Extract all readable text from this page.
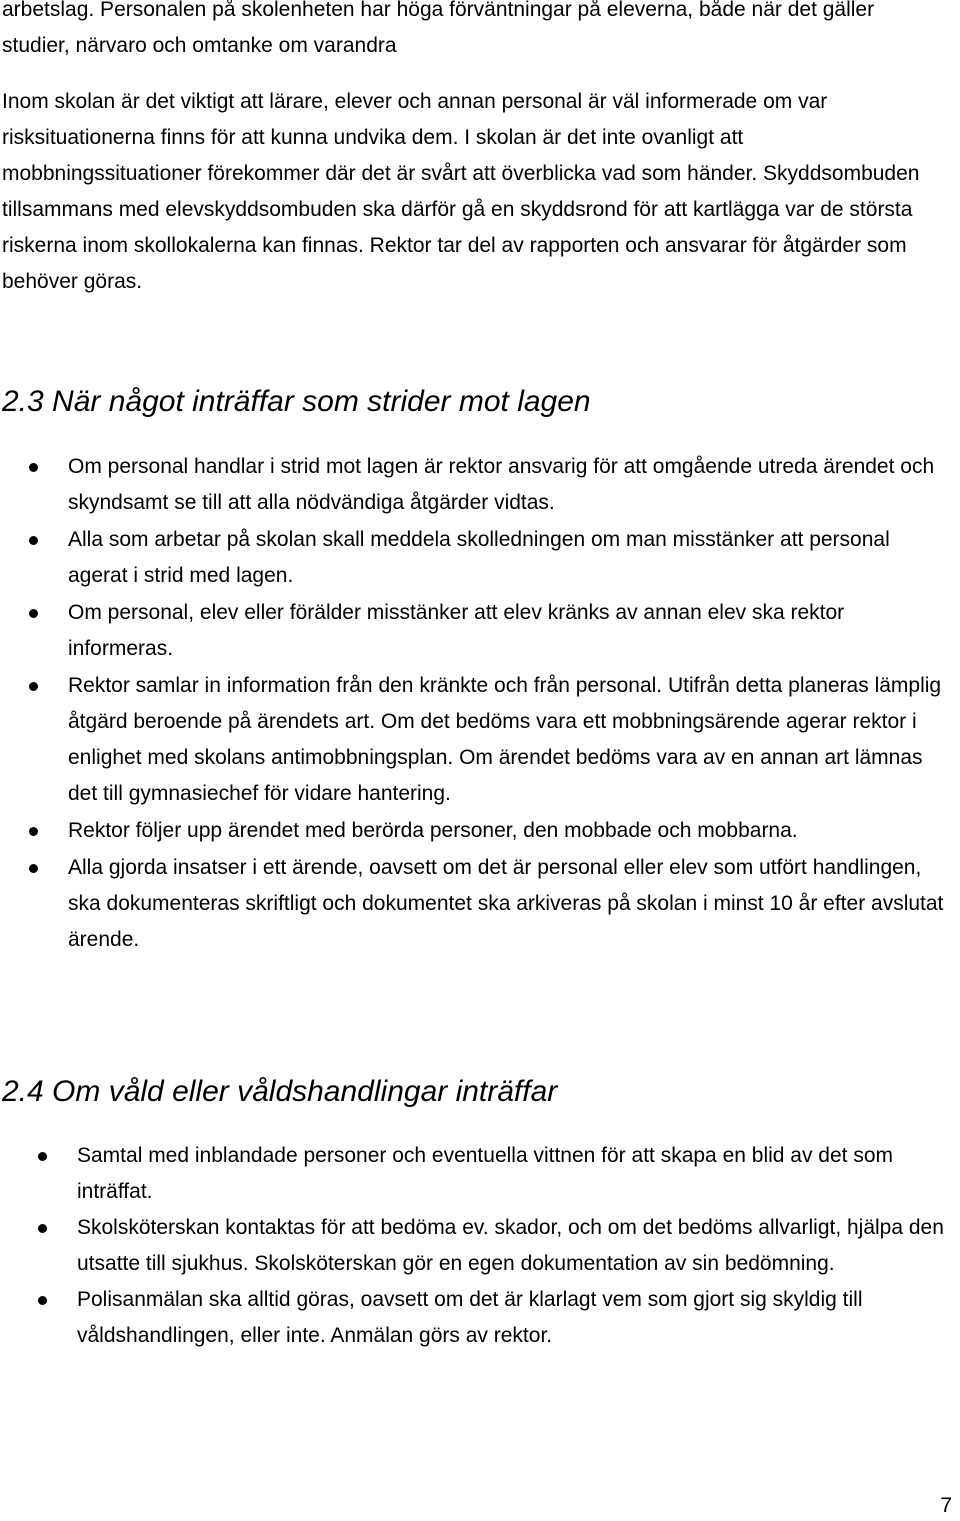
arbetslag. Personalen på skolenheten har höga förväntningar på eleverna, både när det gäller studier, närvaro och omtanke om varandra

Inom skolan är det viktigt att lärare, elever och annan personal är väl informerade om var risksituationerna finns för att kunna undvika dem. I skolan är det inte ovanligt att mobbningssituationer förekommer där det är svårt att överblicka vad som händer. Skyddsombuden tillsammans med elevskyddsombuden ska därför gå en skyddsrond för att kartlägga var de största riskerna inom skollokalerna kan finnas. Rektor tar del av rapporten och ansvarar för åtgärder som behöver göras.

2.3 När något inträffar som strider mot lagen
Om personal handlar i strid mot lagen är rektor ansvarig för att omgående utreda ärendet och skyndsamt se till att alla nödvändiga åtgärder vidtas.
Alla som arbetar på skolan skall meddela skolledningen om man misstänker att personal agerat i strid med lagen.
Om personal, elev eller förälder misstänker att elev kränks av annan elev ska rektor informeras.
Rektor samlar in information från den kränkte och från personal. Utifrån detta planeras lämplig åtgärd beroende på ärendets art. Om det bedöms vara ett mobbningsärende agerar rektor i enlighet med skolans antimobbningsplan. Om ärendet bedöms vara av en annan art lämnas det till gymnasiechef för vidare hantering.
Rektor följer upp ärendet med berörda personer, den mobbade och mobbarna.
Alla gjorda insatser i ett ärende, oavsett om det är personal eller elev som utfört handlingen, ska dokumenteras skriftligt och dokumentet ska arkiveras på skolan i minst 10 år efter avslutat ärende.
2.4 Om våld eller våldshandlingar inträffar
Samtal med inblandade personer och eventuella vittnen för att skapa en blid av det som inträffat.
Skolsköterskan kontaktas för att bedöma ev. skador, och om det bedöms allvarligt, hjälpa den utsatte till sjukhus. Skolsköterskan gör en egen dokumentation av sin bedömning.
Polisanmälan ska alltid göras, oavsett om det är klarlagt vem som gjort sig skyldig till våldshandlingen, eller inte. Anmälan görs av rektor.
7
